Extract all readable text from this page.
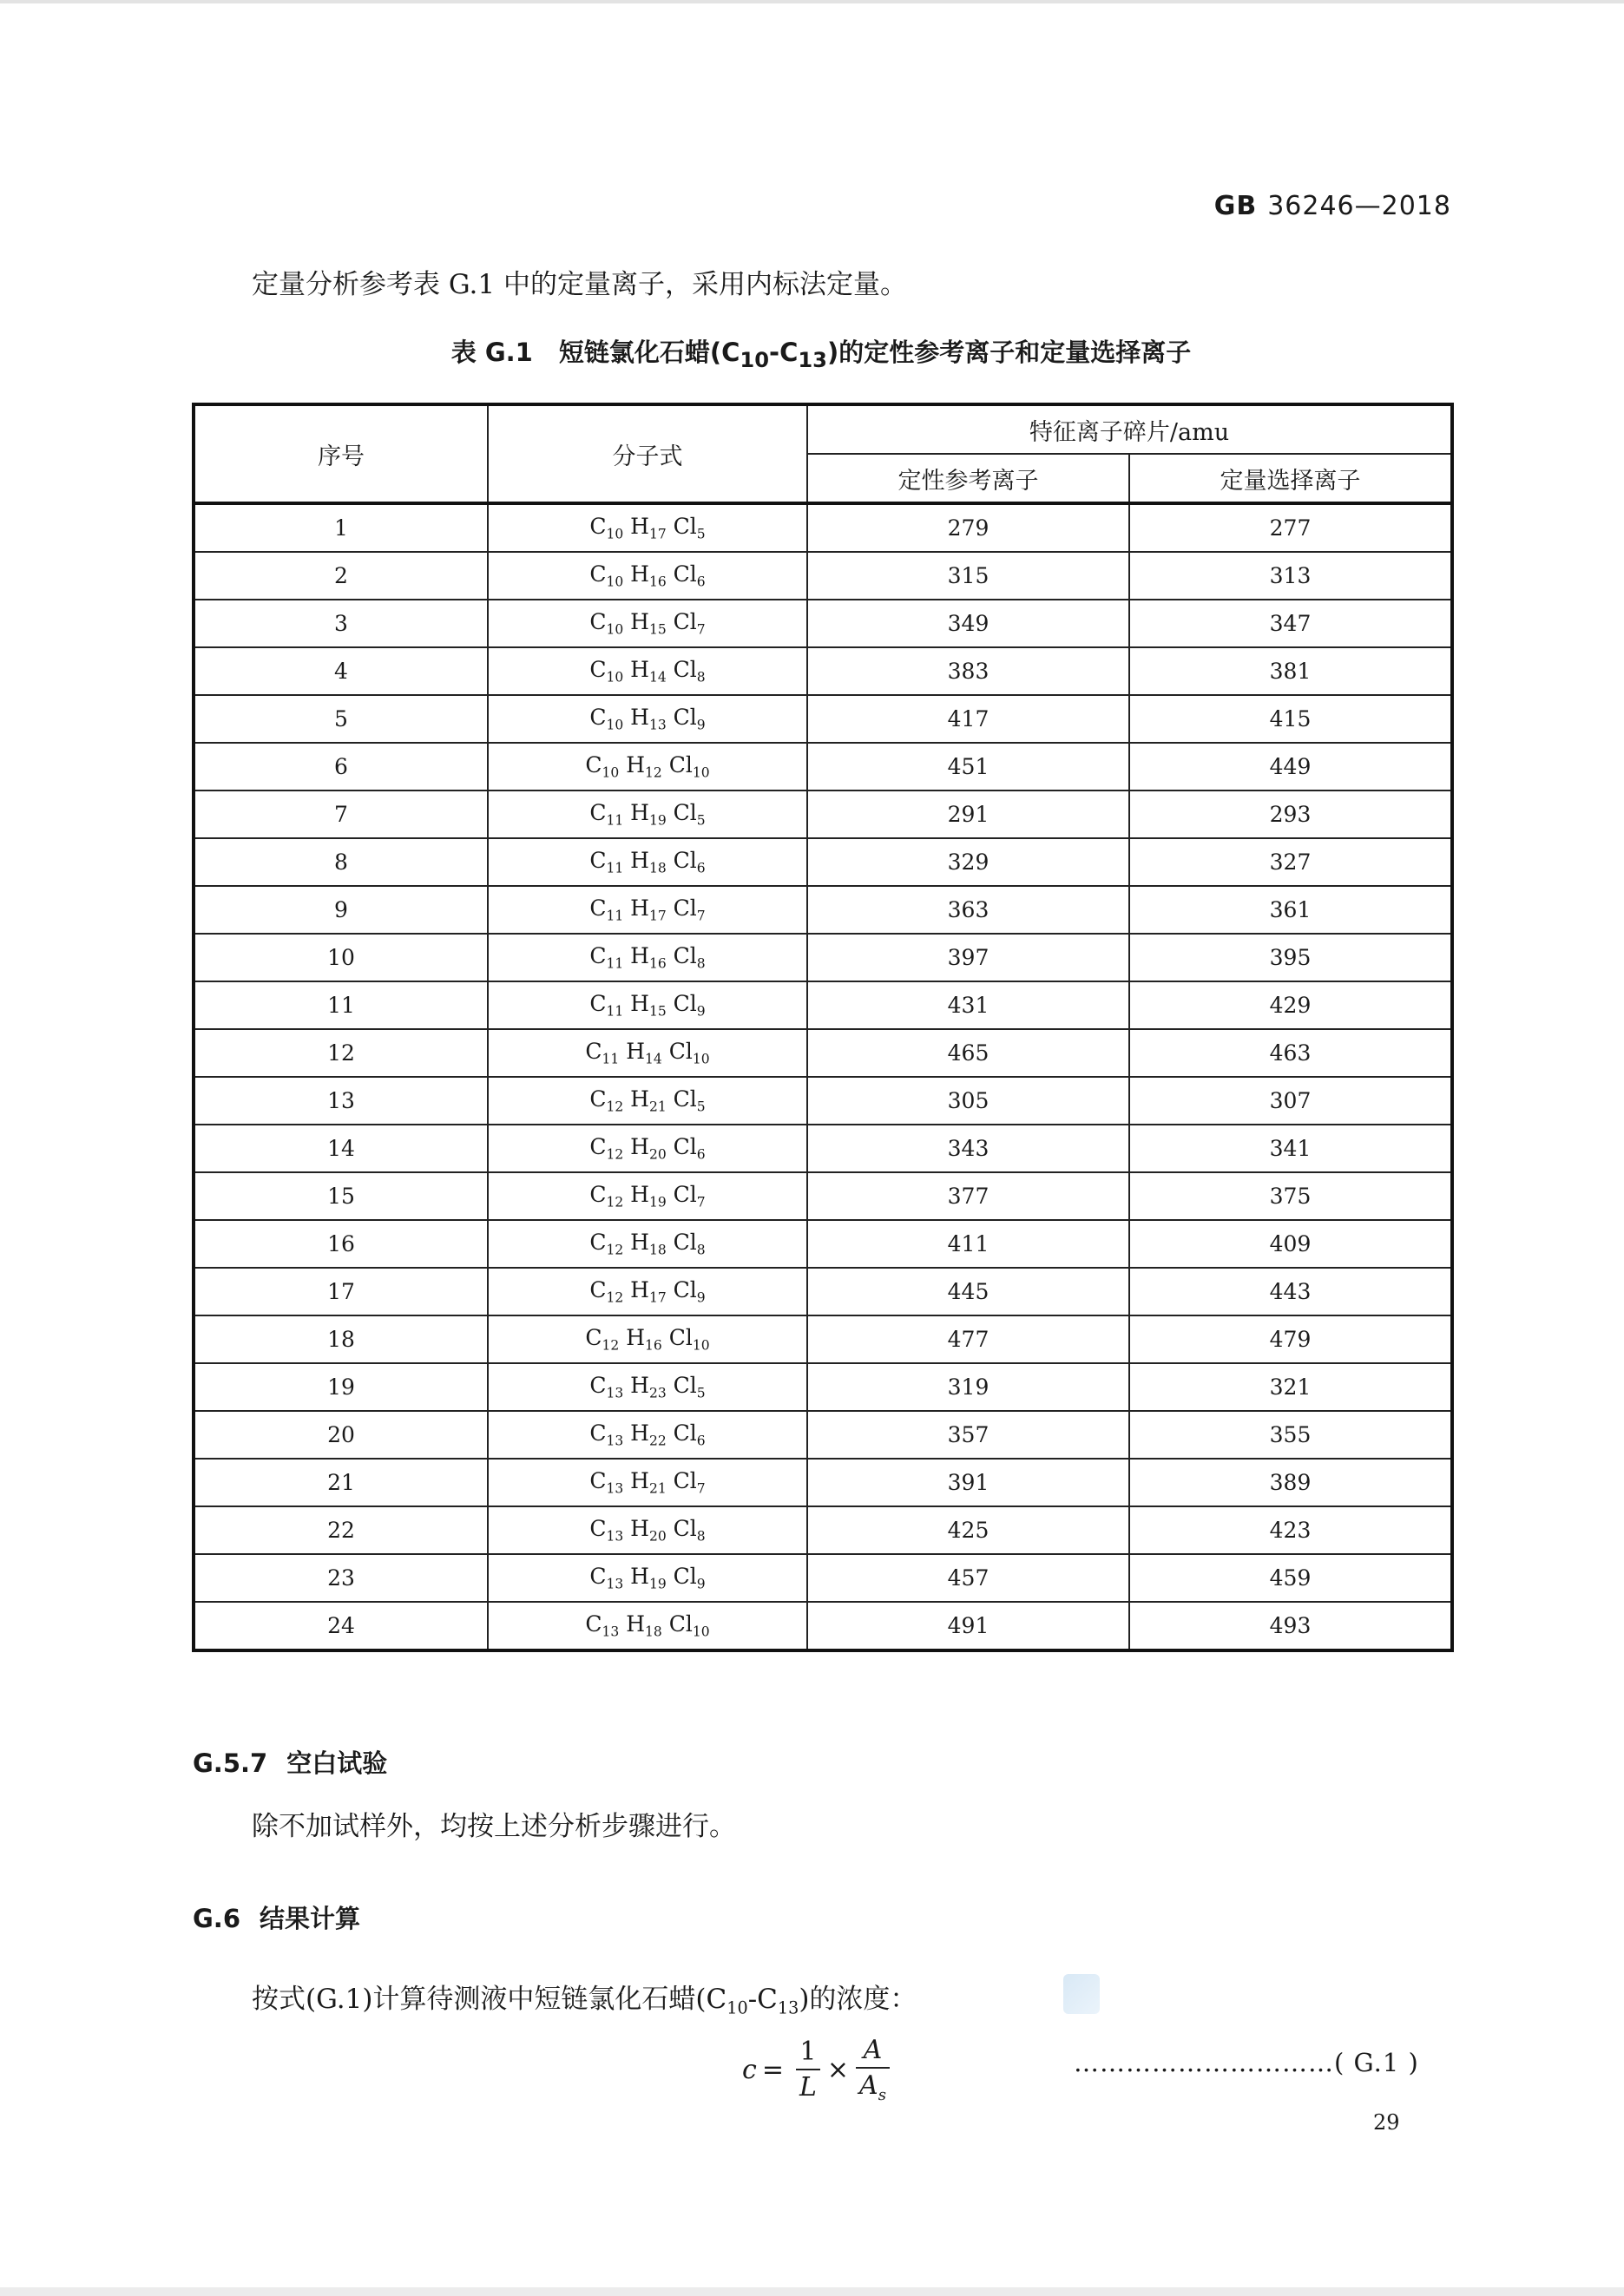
GB 36246—2018
定量分析参考表 G.1 中的定量离子，采用内标法定量。
表 G.1 短链氯化石蜡$(C_{10}-C_{13})$的定性参考离子和定量选择离子
序号	分子式	特征离子碎片/amu	
		定性参考离子	定量选择离子
1	$C_{10}$ $H_{17}$ $Cl_5$	279	277
2	$C_{10}$ $H_{16}$ $Cl_6$	315	313
3	$C_{10}$ $H_{15}$ $Cl_7$	349	347
4	$C_{10}$ $H_{14}$ $Cl_8$	383	381
5	$C_{10}$ $H_{13}$ $Cl_9$	417	415
6	$C_{10}$ $H_{12}$ $Cl_{10}$	451	449
7	$C_{11}$ $H_{19}$ $Cl_5$	291	293
8	$C_{11}$ $H_{18}$ $Cl_6$	329	327
9	$C_{11}$ $H_{17}$ $Cl_7$	363	361
10	$C_{11}$ $H_{16}$ $Cl_8$	397	395
11	$C_{11}$ $H_{15}$ $Cl_9$	431	429
12	$C_{11}$ $H_{14}$ $Cl_{10}$	465	463
13	$C_{12}$ $H_{21}$ $Cl_5$	305	307
14	$C_{12}$ $H_{20}$ $Cl_6$	343	341
15	$C_{12}$ $H_{19}$ $Cl_7$	377	375
16	$C_{12}$ $H_{18}$ $Cl_8$	411	409
17	$C_{12}$ $H_{17}$ $Cl_9$	445	443
18	$C_{12}$ $H_{16}$ $Cl_{10}$	477	479
19	$C_{13}$ $H_{23}$ $Cl_5$	319	321
20	$C_{13}$ $H_{22}$ $Cl_6$	357	355
21	$C_{13}$ $H_{21}$ $Cl_7$	391	389
22	$C_{13}$ $H_{20}$ $Cl_8$	425	423
23	$C_{13}$ $H_{19}$ $Cl_9$	457	459
24	$C_{13}$ $H_{18}$ $Cl_{10}$	491	493
G.5.7 空白试验
除不加试样外，均按上述分析步骤进行。
G.6 结果计算
按式(G.1)计算待测液中短链氯化石蜡$(C_{10}-C_{13})$的浓度：
$c = \frac{1}{L} \times \frac{A}{A_s}$	…………………………( G.1 )
29
